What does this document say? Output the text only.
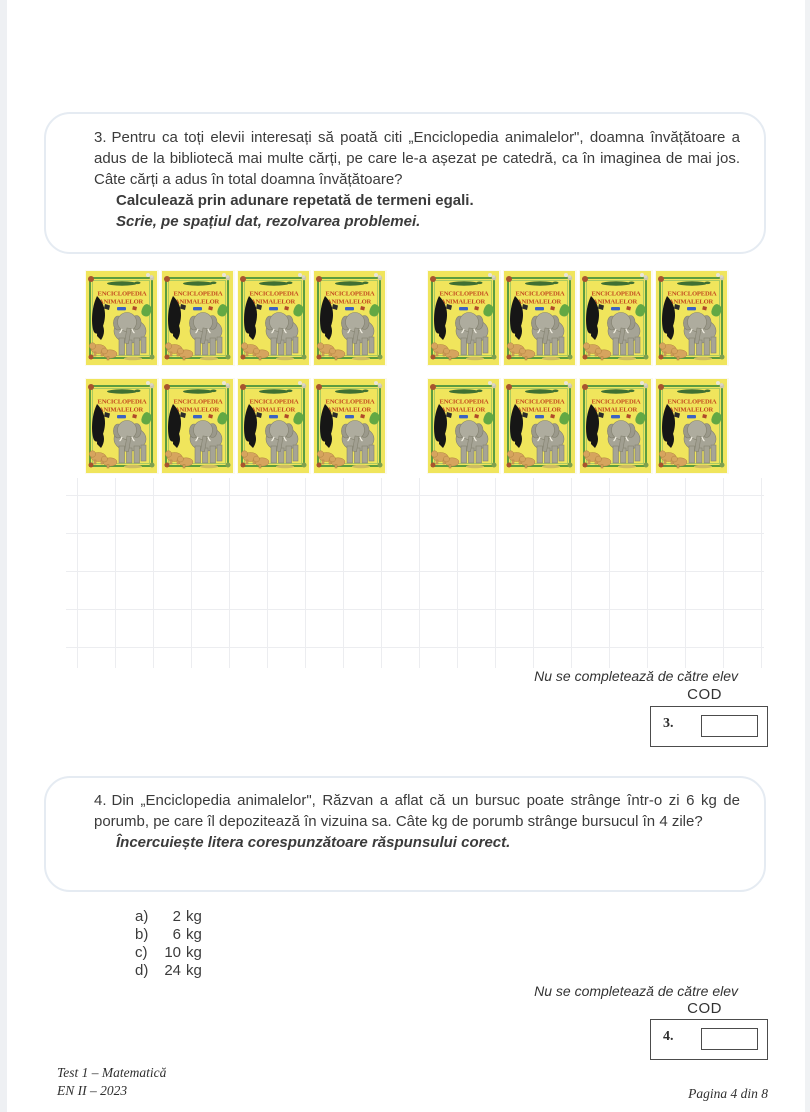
3. Pentru ca toți elevii interesați să poată citi „Enciclopedia animalelor", doamna învățătoare a adus de la bibliotecă mai multe cărți, pe care le-a așezat pe catedră, ca în imaginea de mai jos. Câte cărți a adus în total doamna învățătoare?

Calculează prin adunare repetată de termeni egali.

Scrie, pe spațiul dat, rezolvarea problemei.

Nu se completează de către elev
COD
3.

4. Din „Enciclopedia animalelor", Răzvan a aflat că un bursuc poate strânge într-o zi 6 kg de porumb, pe care îl depozitează în vizuina sa. Câte kg de porumb strânge bursucul în 4 zile?

Încercuiește litera corespunzătoare răspunsului corect.

a)	2 kg
b)	6 kg
c)	10 kg
d)	24 kg
Nu se completează de către elev
COD
4.
Test 1 – Matematică
EN II – 2023	Pagina 4 din 8
